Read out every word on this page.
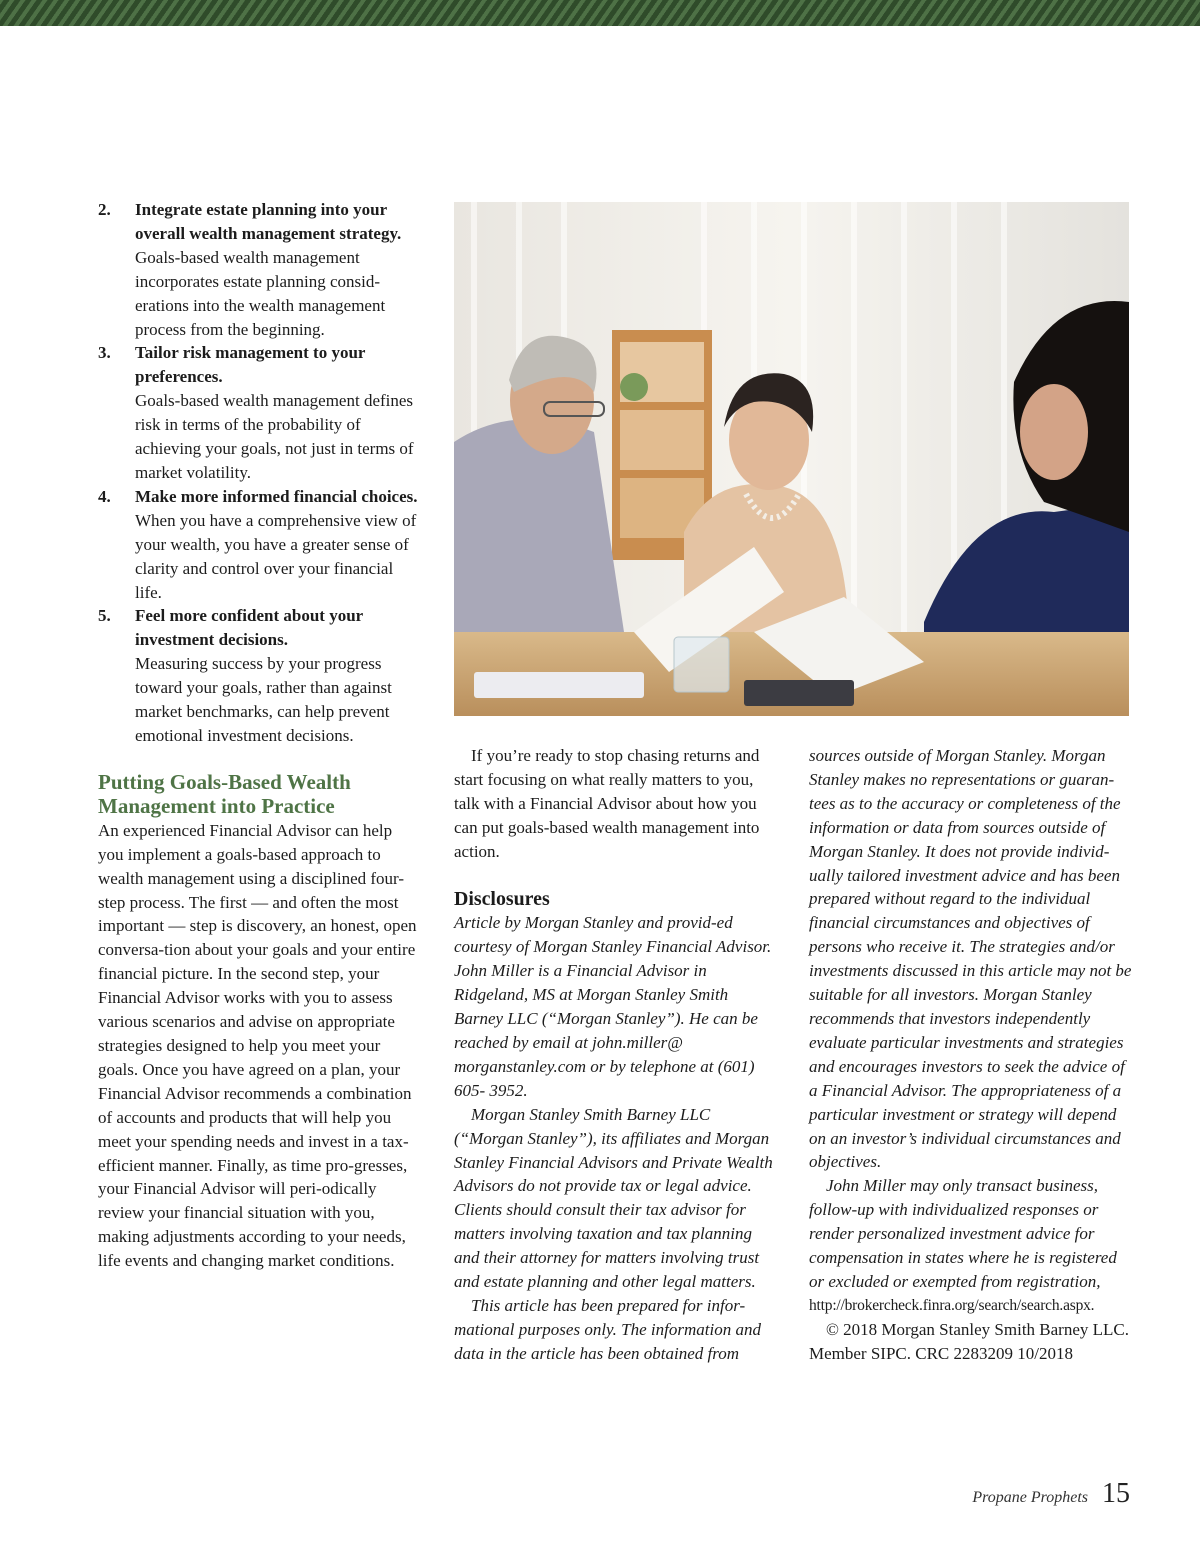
2. Integrate estate planning into your overall wealth management strategy.
Goals-based wealth management incorporates estate planning consid-erations into the wealth management process from the beginning.
3. Tailor risk management to your preferences.
Goals-based wealth management defines risk in terms of the probability of achieving your goals, not just in terms of market volatility.
4. Make more informed financial choices.
When you have a comprehensive view of your wealth, you have a greater sense of clarity and control over your financial life.
5. Feel more confident about your investment decisions.
Measuring success by your progress toward your goals, rather than against market benchmarks, can help prevent emotional investment decisions.
Putting Goals-Based Wealth Management into Practice

An experienced Financial Advisor can help you implement a goals-based approach to wealth management using a disciplined four-step process. The first — and often the most important — step is discovery, an honest, open conversa-tion about your goals and your entire financial picture. In the second step, your Financial Advisor works with you to assess various scenarios and advise on appropriate strategies designed to help you meet your goals. Once you have agreed on a plan, your Financial Advisor recommends a combination of accounts and products that will help you meet your spending needs and invest in a tax-efficient manner. Finally, as time pro-gresses, your Financial Advisor will peri-odically review your financial situation with you, making adjustments according to your needs, life events and changing market conditions.

If you’re ready to stop chasing returns and start focusing on what really matters to you, talk with a Financial Advisor about how you can put goals-based wealth management into action.

Disclosures

Article by Morgan Stanley and provid-ed courtesy of Morgan Stanley Financial Advisor. John Miller is a Financial Advisor in Ridgeland, MS at Morgan Stanley Smith Barney LLC (“Morgan Stanley”). He can be reached by email at john.miller@ morganstanley.com or by telephone at (601) 605- 3952.

Morgan Stanley Smith Barney LLC (“Morgan Stanley”), its affiliates and Morgan Stanley Financial Advisors and Private Wealth Advisors do not provide tax or legal advice. Clients should consult their tax advisor for matters involving taxation and tax planning and their attorney for matters involving trust and estate planning and other legal matters.

This article has been prepared for infor-mational purposes only. The information and data in the article has been obtained from

sources outside of Morgan Stanley. Morgan Stanley makes no representations or guaran-tees as to the accuracy or completeness of the information or data from sources outside of Morgan Stanley. It does not provide individ-ually tailored investment advice and has been prepared without regard to the individual financial circumstances and objectives of persons who receive it. The strategies and/or investments discussed in this article may not be suitable for all investors. Morgan Stanley recommends that investors independently evaluate particular investments and strategies and encourages investors to seek the advice of a Financial Advisor. The appropriateness of a particular investment or strategy will depend on an investor’s individual circumstances and objectives.

John Miller may only transact business, follow-up with individualized responses or render personalized investment advice for compensation in states where he is registered or excluded or exempted from registration,

http://brokercheck.finra.org/search/search.aspx.

© 2018 Morgan Stanley Smith Barney LLC. Member SIPC. CRC 2283209 10/2018

Propane Prophets 15
